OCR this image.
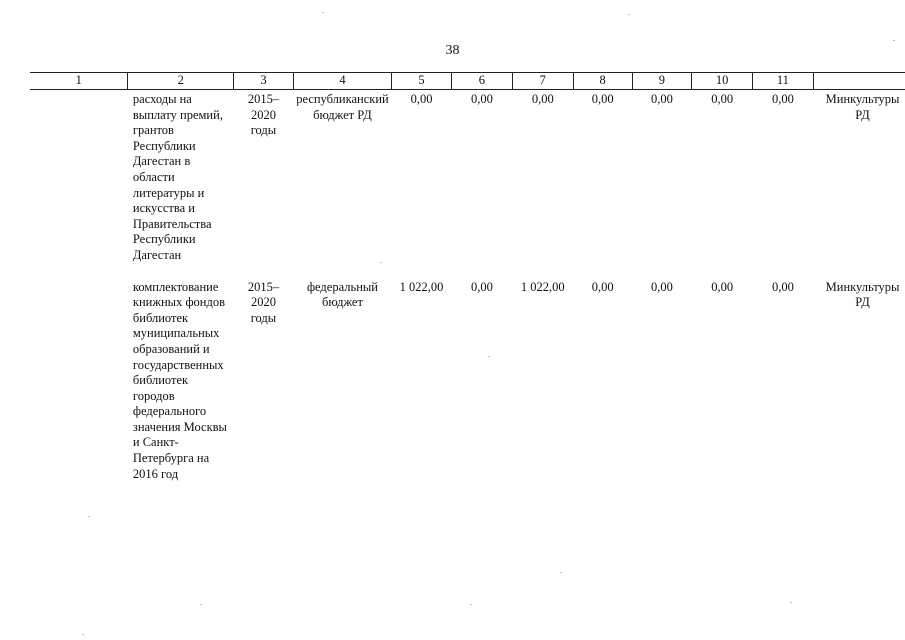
38
1	2	3	4	5	6	7	8	9	10	11	
	расходы на выплату премий, грантов Республики Дагестан в области литературы и искусства и Правительства Республики Дагестан	2015–2020 годы	республиканский бюджет РД	0,00	0,00	0,00	0,00	0,00	0,00	0,00	Минкультуры РД
	комплектование книжных фондов библиотек муниципальных образований и государственных библиотек городов федерального значения Москвы и Санкт-Петербурга на 2016 год	2015–2020 годы	федеральный бюджет	1 022,00	0,00	1 022,00	0,00	0,00	0,00	0,00	Минкультуры РД
